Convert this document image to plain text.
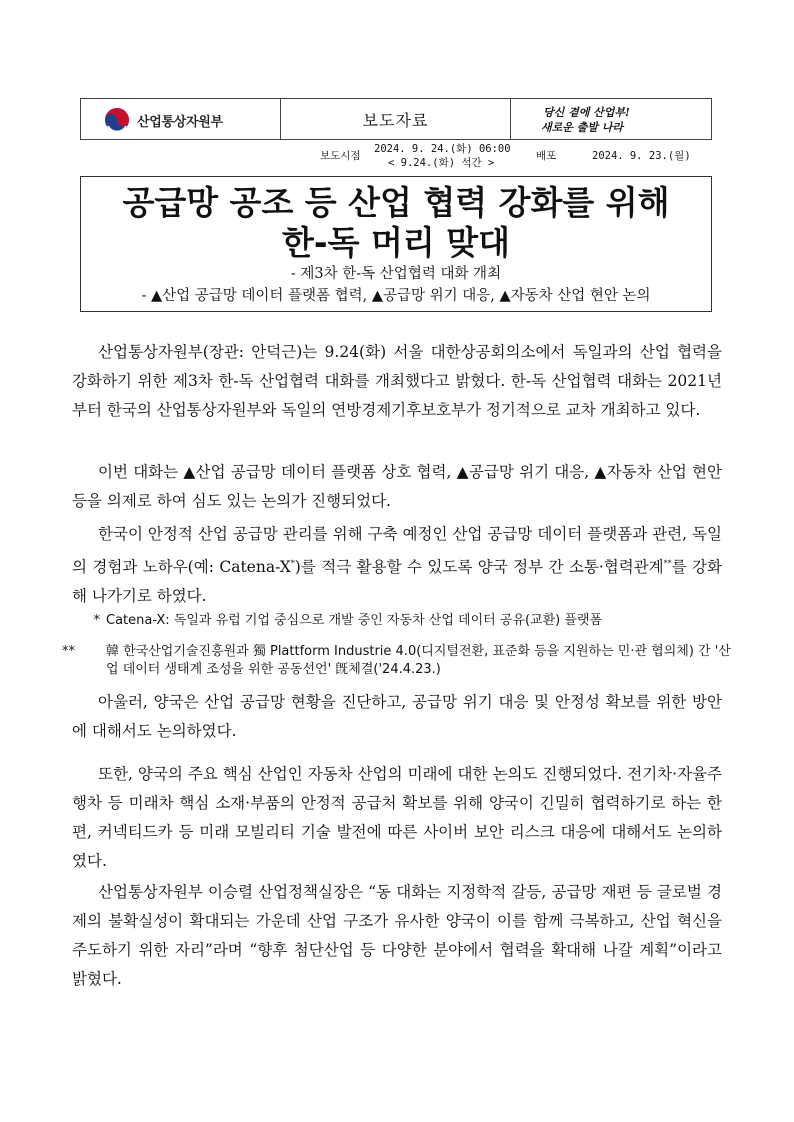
산업통상자원부	보도자료	당신 곁에 산업부!
새로운 출발 나라
보도시점
2024. 9. 24.(화) 06:00
< 9.24.(화) 석간 >
배포	2024. 9. 23.(월)

공급망 공조 등 산업 협력 강화를 위해

한-독 머리 맞대

- 제3차 한-독 산업협력 대화 개최

- ▲산업 공급망 데이터 플랫폼 협력, ▲공급망 위기 대응, ▲자동차 산업 현안 논의

산업통상자원부(장관: 안덕근)는 9.24(화) 서울 대한상공회의소에서 독일과의 산업 협력을 강화하기 위한 제3차 한-독 산업협력 대화를 개최했다고 밝혔다. 한-독 산업협력 대화는 2021년부터 한국의 산업통상자원부와 독일의 연방경제기후보호부가 정기적으로 교차 개최하고 있다.

이번 대화는 ▲산업 공급망 데이터 플랫폼 상호 협력, ▲공급망 위기 대응, ▲자동차 산업 현안 등을 의제로 하여 심도 있는 논의가 진행되었다.

한국이 안정적 산업 공급망 관리를 위해 구축 예정인 산업 공급망 데이터 플랫폼과 관련, 독일의 경험과 노하우(예: Catena-X*)를 적극 활용할 수 있도록 양국 정부 간 소통·협력관계**를 강화해 나가기로 하였다.

* Catena-X: 독일과 유럽 기업 중심으로 개발 중인 자동차 산업 데이터 공유(교환) 플랫폼

** 韓 한국산업기술진흥원과 獨 Plattform Industrie 4.0(디지털전환, 표준화 등을 지원하는 민·관 협의체) 간 '산업 데이터 생태계 조성을 위한 공동선언' 旣체결('24.4.23.)

아울러, 양국은 산업 공급망 현황을 진단하고, 공급망 위기 대응 및 안정성 확보를 위한 방안에 대해서도 논의하였다.

또한, 양국의 주요 핵심 산업인 자동차 산업의 미래에 대한 논의도 진행되었다. 전기차·자율주행차 등 미래차 핵심 소재·부품의 안정적 공급처 확보를 위해 양국이 긴밀히 협력하기로 하는 한편, 커넥티드카 등 미래 모빌리티 기술 발전에 따른 사이버 보안 리스크 대응에 대해서도 논의하였다.

산업통상자원부 이승렬 산업정책실장은 “동 대화는 지정학적 갈등, 공급망 재편 등 글로벌 경제의 불확실성이 확대되는 가운데 산업 구조가 유사한 양국이 이를 함께 극복하고, 산업 혁신을 주도하기 위한 자리”라며 “향후 첨단산업 등 다양한 분야에서 협력을 확대해 나갈 계획”이라고 밝혔다.
